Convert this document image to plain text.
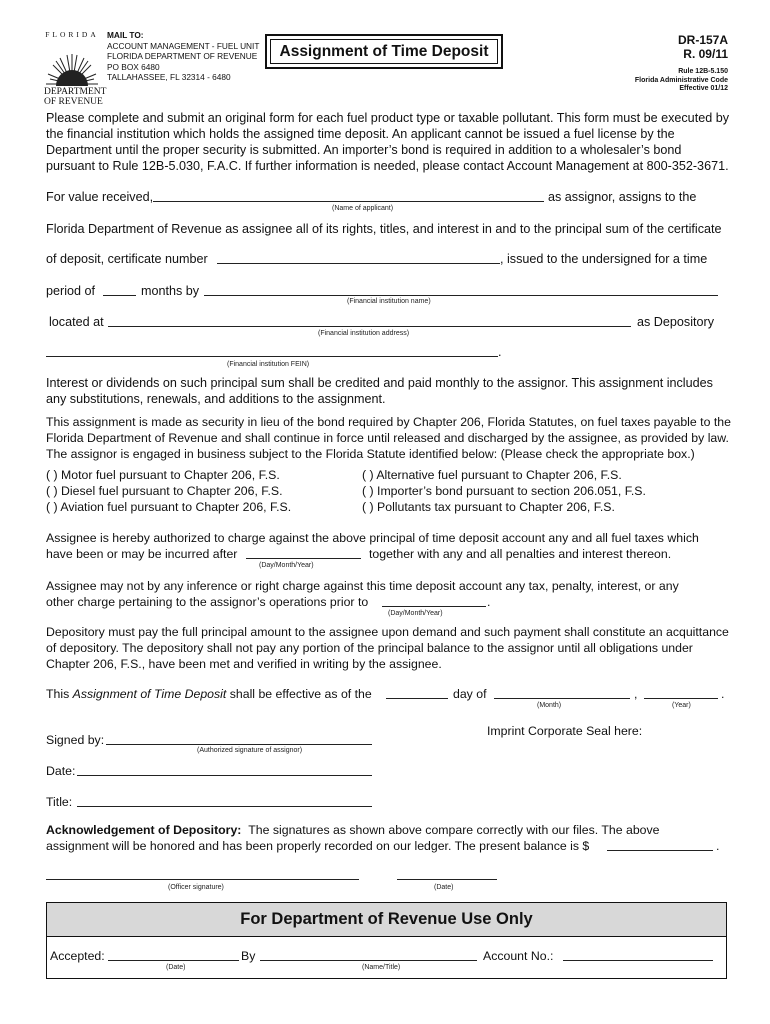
FLORIDA
DEPARTMENT
OF REVENUE
MAIL TO:
ACCOUNT MANAGEMENT - FUEL UNIT
FLORIDA DEPARTMENT OF REVENUE
PO BOX 6480
TALLAHASSEE, FL 32314 - 6480
Assignment of Time Deposit
DR-157A
R. 09/11
Rule 12B-5.150
Florida Administrative Code
Effective 01/12
Please complete and submit an original form for each fuel product type or taxable pollutant. This form must be executed by the financial institution which holds the assigned time deposit. An applicant cannot be issued a fuel license by the Department until the proper security is submitted. An importer’s bond is required in addition to a wholesaler’s bond pursuant to Rule 12B-5.030, F.A.C. If further information is needed, please contact Account Management at 800-352-3671.
For value received,	as assignor, assigns to the
(Name of applicant)
Florida Department of Revenue as assignee all of its rights, titles, and interest in and to the principal sum of the certificate
of deposit, certificate number	, issued to the undersigned for a time
period of	months by
(Financial institution name)
located at	as Depository
(Financial institution address)
.
(Financial institution FEIN)
Interest or dividends on such principal sum shall be credited and paid monthly to the assignor. This assignment includes any substitutions, renewals, and additions to the assignment.
This assignment is made as security in lieu of the bond required by Chapter 206, Florida Statutes, on fuel taxes payable to the Florida Department of Revenue and shall continue in force until released and discharged by the assignee, as provided by law. The assignor is engaged in business subject to the Florida Statute identified below: (Please check the appropriate box.)
( ) Motor fuel pursuant to Chapter 206, F.S.
( ) Diesel fuel pursuant to Chapter 206, F.S.
( ) Aviation fuel pursuant to Chapter 206, F.S.
( ) Alternative fuel pursuant to Chapter 206, F.S.
( ) Importer’s bond pursuant to section 206.051, F.S.
( ) Pollutants tax pursuant to Chapter 206, F.S.
Assignee is hereby authorized to charge against the above principal of time deposit account any and all fuel taxes which
have been or may be incurred after	together with any and all penalties and interest thereon.
(Day/Month/Year)
Assignee may not by any inference or right charge against this time deposit account any tax, penalty, interest, or any
other charge pertaining to the assignor’s operations prior to	.
(Day/Month/Year)
Depository must pay the full principal amount to the assignee upon demand and such payment shall constitute an acquittance of depository. The depository shall not pay any portion of the principal balance to the assignor until all obligations under Chapter 206, F.S., have been met and verified in writing by the assignee.
This Assignment of Time Deposit shall be effective as of the	day of	,	.
(Month)	(Year)
Imprint Corporate Seal here:
Signed by:
(Authorized signature of assignor)
Date:
Title:
Acknowledgement of Depository: The signatures as shown above compare correctly with our files. The above
assignment will be honored and has been properly recorded on our ledger. The present balance is $	.
(Officer signature)	(Date)
For Department of Revenue Use Only
Accepted:	By	Account No.:
(Date)	(Name/Title)
